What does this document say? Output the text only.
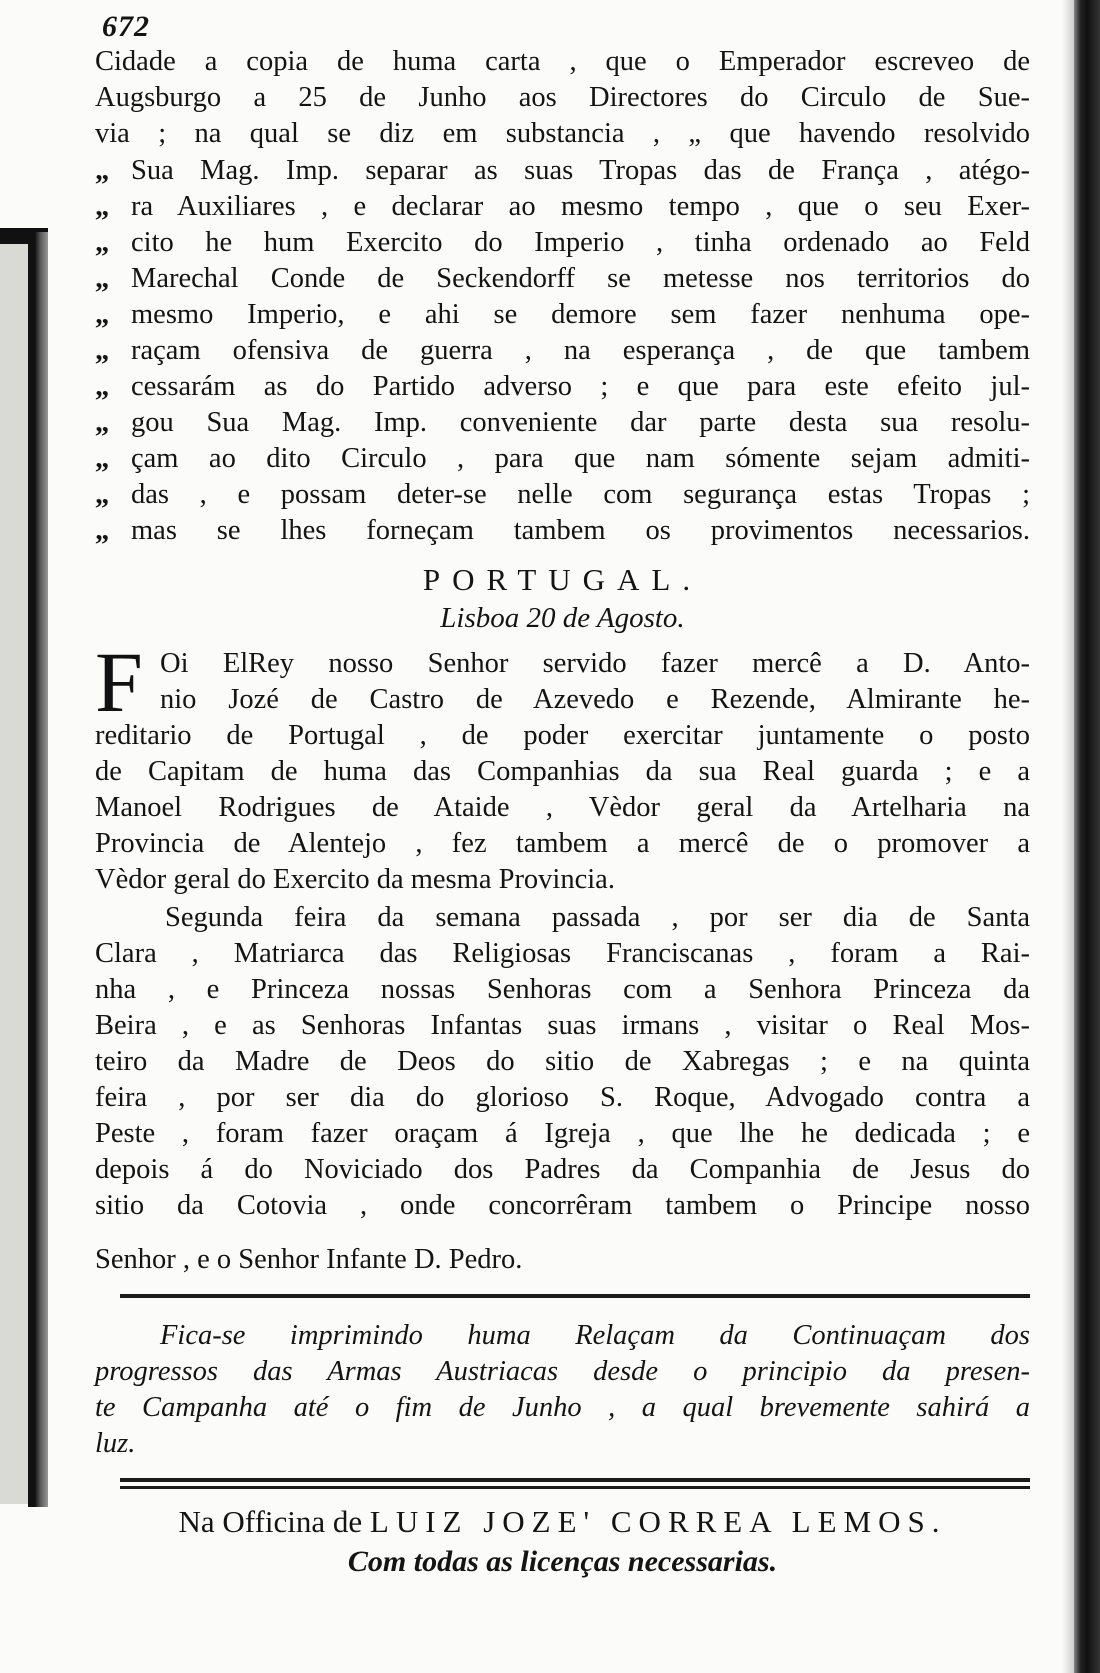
672
Cidade a copia de huma carta , que o Emperador escreveo de
Augsburgo a 25 de Junho aos Directores do Circulo de Sue-
via ; na qual se diz em substancia , „ que havendo resolvido
„ Sua Mag. Imp. separar as suas Tropas das de França , atégo-
„ ra Auxiliares , e declarar ao mesmo tempo , que o seu Exer-
„ cito he hum Exercito do Imperio , tinha ordenado ao Feld
„ Marechal Conde de Seckendorff se metesse nos territorios do
„ mesmo Imperio, e ahi se demore sem fazer nenhuma ope-
„ raçam ofensiva de guerra , na esperança , de que tambem
„ cessarám as do Partido adverso ; e que para este efeito jul-
„ gou Sua Mag. Imp. conveniente dar parte desta sua resolu-
„ çam ao dito Circulo , para que nam sómente sejam admiti-
„ das , e possam deter-se nelle com segurança estas Tropas ;
„ mas se lhes forneçam tambem os provimentos necessarios.
PORTUGAL.
Lisboa 20 de Agosto.
F Oi ElRey nosso Senhor servido fazer mercê a D. Anto-
nio Jozé de Castro de Azevedo e Rezende, Almirante he-
reditario de Portugal , de poder exercitar juntamente o posto
de Capitam de huma das Companhias da sua Real guarda ; e a
Manoel Rodrigues de Ataide , Vèdor geral da Artelharia na
Provincia de Alentejo , fez tambem a mercê de o promover a
Vèdor geral do Exercito da mesma Provincia.
Segunda feira da semana passada , por ser dia de Santa
Clara , Matriarca das Religiosas Franciscanas , foram a Rai-
nha , e Princeza nossas Senhoras com a Senhora Princeza da
Beira , e as Senhoras Infantas suas irmans , visitar o Real Mos-
teiro da Madre de Deos do sitio de Xabregas ; e na quinta
feira , por ser dia do glorioso S. Roque, Advogado contra a
Peste , foram fazer oraçam á Igreja , que lhe he dedicada ; e
depois á do Noviciado dos Padres da Companhia de Jesus do
sitio da Cotovia , onde concorrêram tambem o Principe nosso
Senhor , e o Senhor Infante D. Pedro.
Fica-se imprimindo huma Relaçam da Continuaçam dos
progressos das Armas Austriacas desde o principio da presen-
te Campanha até o fim de Junho , a qual brevemente sahirá a
luz.
Na Officina de LUIZ JOZE' CORREA LEMOS.
Com todas as licenças necessarias.
